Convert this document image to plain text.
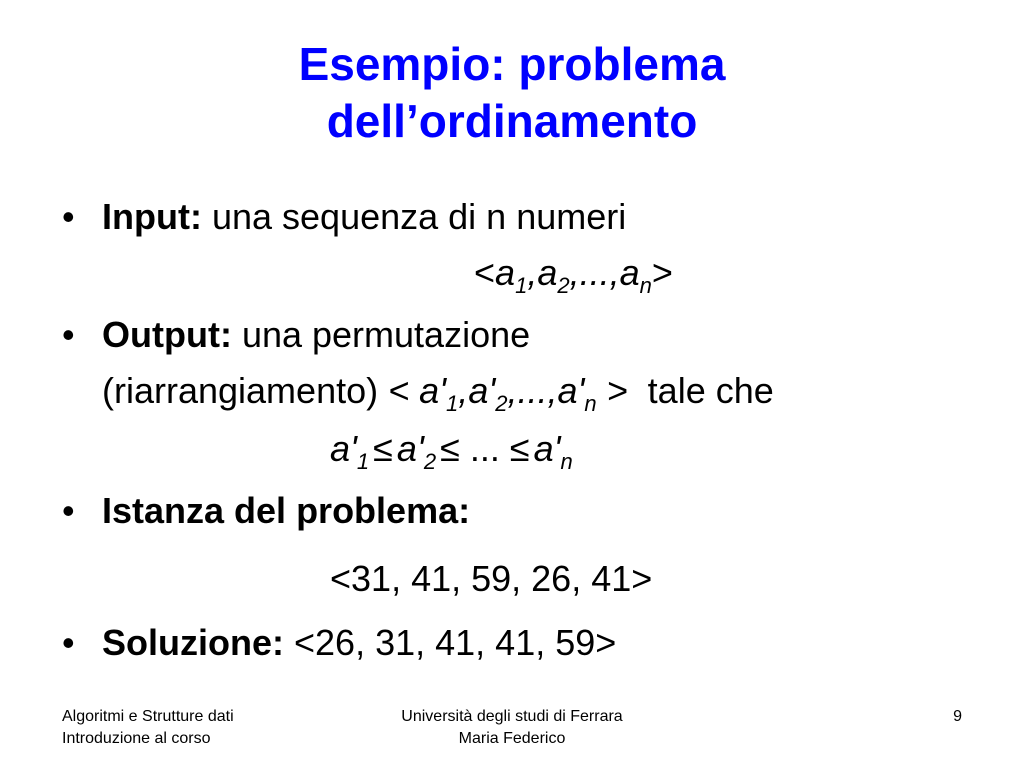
Esempio: problema
dell’ordinamento
• Input: una sequenza di n numeri
$<a_1,a_2,...,a_n>$
• Output: una permutazione
(riarrangiamento) < $a'_1,a'_2,...,a'_n$ >  tale che
$a'_1 \le a'_2$ ≤ ... ≤ $a'_n$
• Istanza del problema:
<31, 41, 59, 26, 41>
• Soluzione: <26, 31, 41, 41, 59>
Algoritmi e Strutture dati
Introduzione al corso
Università degli studi di Ferrara
Maria Federico
9
